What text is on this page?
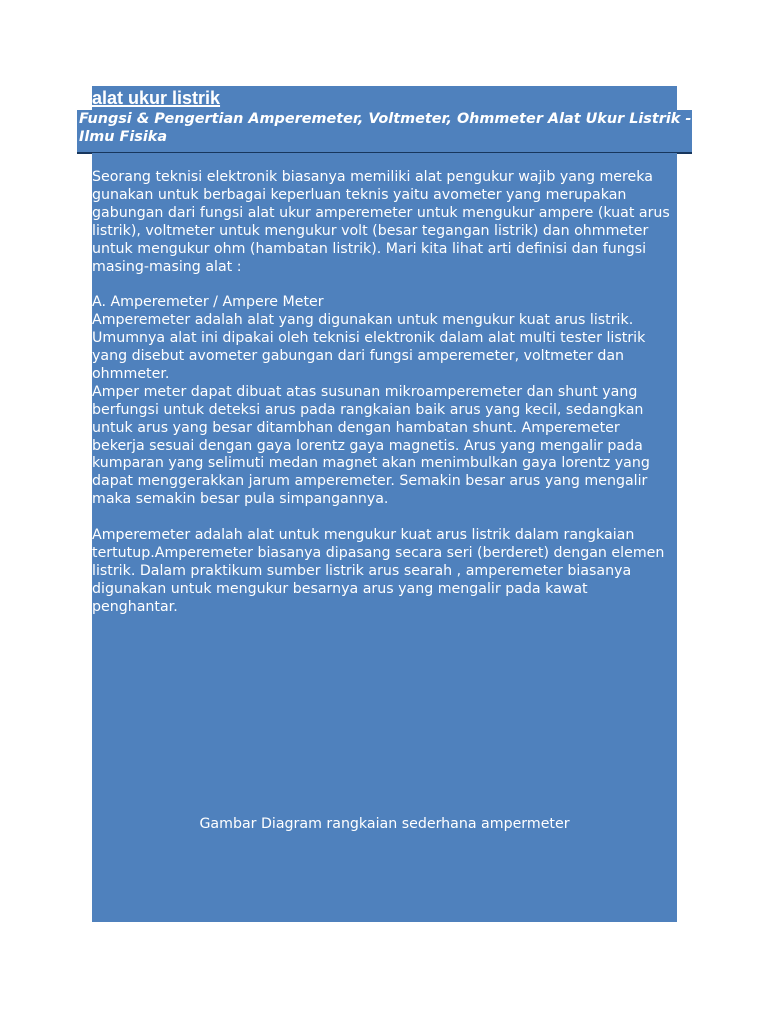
alat ukur listrik

Fungsi & Pengertian Amperemeter, Voltmeter, Ohmmeter Alat Ukur Listrik - Ilmu Fisika

Seorang teknisi elektronik biasanya memiliki alat pengukur wajib yang mereka gunakan untuk berbagai keperluan teknis yaitu avometer yang merupakan gabungan dari fungsi alat ukur amperemeter untuk mengukur ampere (kuat arus listrik), voltmeter untuk mengukur volt (besar tegangan listrik) dan ohmmeter untuk mengukur ohm (hambatan listrik). Mari kita lihat arti definisi dan fungsi masing-masing alat :

A. Amperemeter / Ampere Meter

Amperemeter adalah alat yang digunakan untuk mengukur kuat arus listrik. Umumnya alat ini dipakai oleh teknisi elektronik dalam alat multi tester listrik yang disebut avometer gabungan dari fungsi amperemeter, voltmeter dan ohmmeter.

Amper meter dapat dibuat atas susunan mikroamperemeter dan shunt yang berfungsi untuk deteksi arus pada rangkaian baik arus yang kecil, sedangkan untuk arus yang besar ditambhan dengan hambatan shunt. Amperemeter bekerja sesuai dengan gaya lorentz gaya magnetis. Arus yang mengalir pada kumparan yang selimuti medan magnet akan menimbulkan gaya lorentz yang dapat menggerakkan jarum amperemeter. Semakin besar arus yang mengalir maka semakin besar pula simpangannya.

Amperemeter adalah alat untuk mengukur kuat arus listrik dalam rangkaian tertutup.Amperemeter biasanya dipasang secara seri (berderet) dengan elemen listrik. Dalam praktikum sumber listrik arus searah , amperemeter biasanya digunakan untuk mengukur besarnya arus yang mengalir pada kawat penghantar.

Gambar Diagram rangkaian sederhana ampermeter
